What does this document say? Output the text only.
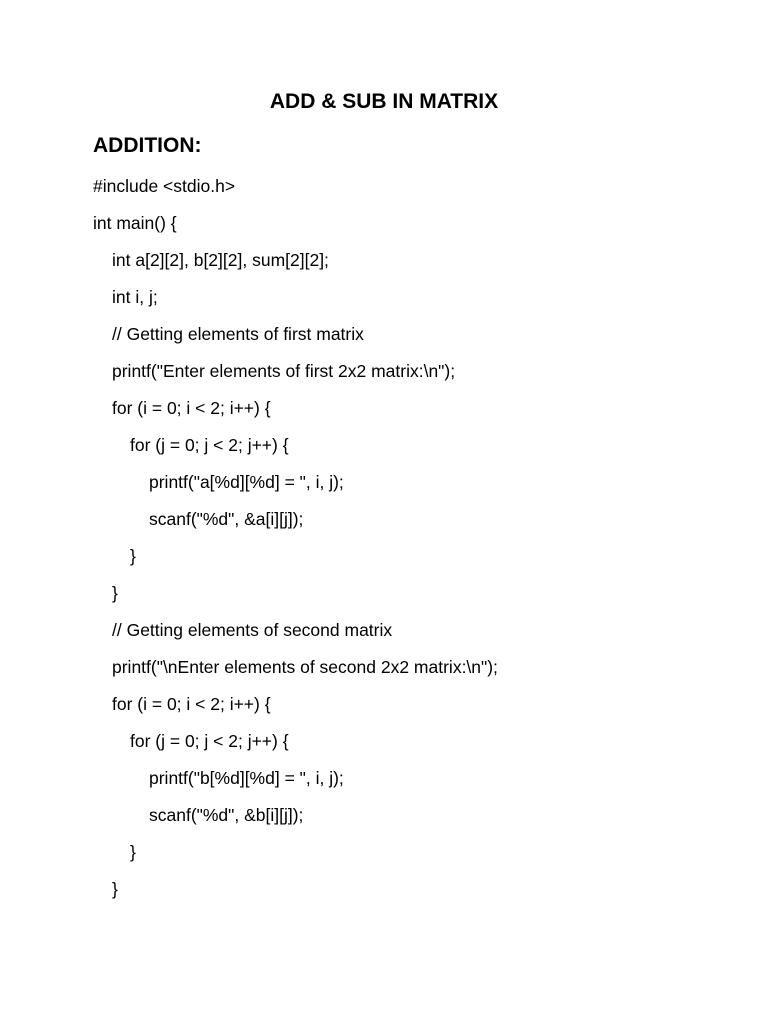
ADD & SUB IN MATRIX
ADDITION:
#include <stdio.h>
int main() {
int a[2][2], b[2][2], sum[2][2];
int i, j;
// Getting elements of first matrix
printf("Enter elements of first 2x2 matrix:\n");
for (i = 0; i < 2; i++) {
for (j = 0; j < 2; j++) {
printf("a[%d][%d] = ", i, j);
scanf("%d", &a[i][j]);
}
}
// Getting elements of second matrix
printf("\nEnter elements of second 2x2 matrix:\n");
for (i = 0; i < 2; i++) {
for (j = 0; j < 2; j++) {
printf("b[%d][%d] = ", i, j);
scanf("%d", &b[i][j]);
}
}
